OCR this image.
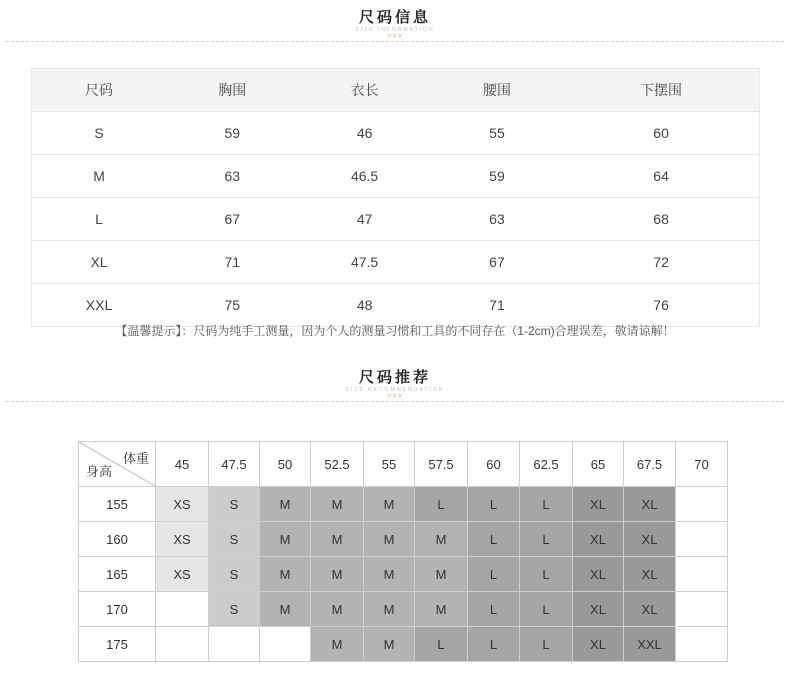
尺码信息
SIZE INFORMATION
>>>
尺码	胸围	衣长	腰围	下摆围
S	59	46	55	60
M	63	46.5	59	64
L	67	47	63	68
XL	71	47.5	67	72
XXL	75	48	71	76
【温馨提示】：尺码为纯手工测量，因为个人的测量习惯和工具的不同存在（1-2cm)合理误差，敬请谅解！
尺码推荐
SIZE RECOMMENDATION
>>>
体重
身高	45	47.5	50	52.5	55	57.5	60	62.5	65	67.5	70
155	XS	S	M	M	M	L	L	L	XL	XL	
160	XS	S	M	M	M	M	L	L	XL	XL	
165	XS	S	M	M	M	M	L	L	XL	XL	
170		S	M	M	M	M	L	L	XL	XL	
175				M	M	L	L	L	XL	XXL	
